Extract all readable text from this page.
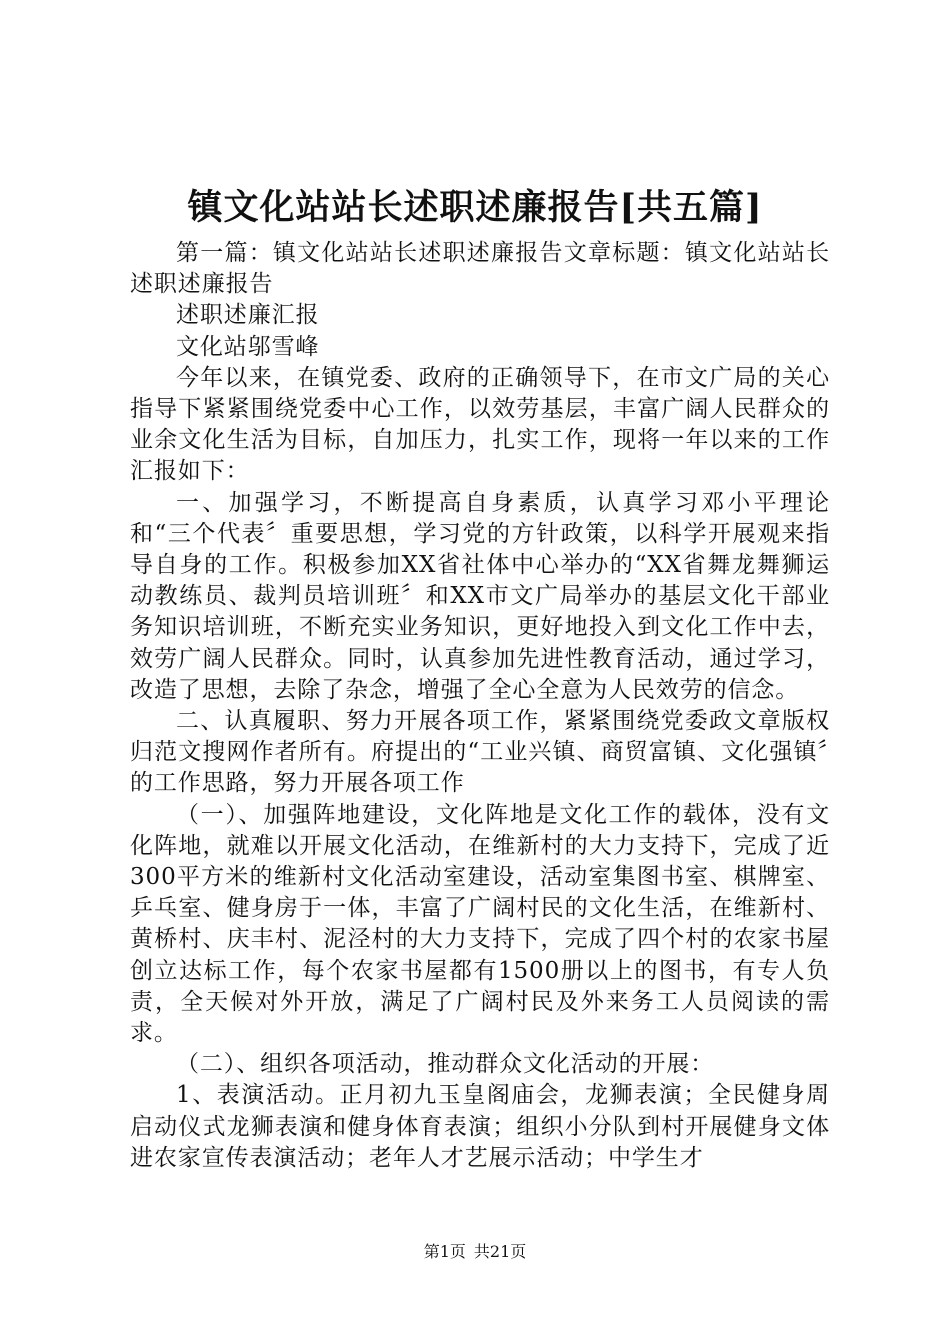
镇文化站站长述职述廉报告[共五篇]

第一篇：镇文化站站长述职述廉报告文章标题：镇文化站站长述职述廉报告

述职述廉汇报

文化站邬雪峰

今年以来，在镇党委、政府的正确领导下，在市文广局的关心指导下紧紧围绕党委中心工作，以效劳基层，丰富广阔人民群众的业余文化生活为目标，自加压力，扎实工作，现将一年以来的工作汇报如下：

一、加强学习，不断提高自身素质，认真学习邓小平理论和“三个代表〞重要思想，学习党的方针政策，以科学开展观来指导自身的工作。积极参加XX省社体中心举办的“XX省舞龙舞狮运动教练员、裁判员培训班〞和XX市文广局举办的基层文化干部业务知识培训班，不断充实业务知识，更好地投入到文化工作中去，效劳广阔人民群众。同时，认真参加先进性教育活动，通过学习，改造了思想，去除了杂念，增强了全心全意为人民效劳的信念。

二、认真履职、努力开展各项工作，紧紧围绕党委政文章版权归范文搜网作者所有。府提出的“工业兴镇、商贸富镇、文化强镇〞的工作思路，努力开展各项工作

（一）、加强阵地建设，文化阵地是文化工作的载体，没有文化阵地，就难以开展文化活动，在维新村的大力支持下，完成了近300平方米的维新村文化活动室建设，活动室集图书室、棋牌室、乒乓室、健身房于一体，丰富了广阔村民的文化生活，在维新村、黄桥村、庆丰村、泥泾村的大力支持下，完成了四个村的农家书屋创立达标工作，每个农家书屋都有1500册以上的图书，有专人负责，全天候对外开放，满足了广阔村民及外来务工人员阅读的需求。

（二）、组织各项活动，推动群众文化活动的开展：

1、表演活动。正月初九玉皇阁庙会，龙狮表演；全民健身周启动仪式龙狮表演和健身体育表演；组织小分队到村开展健身文体进农家宣传表演活动；老年人才艺展示活动；中学生才

第1页 共21页
